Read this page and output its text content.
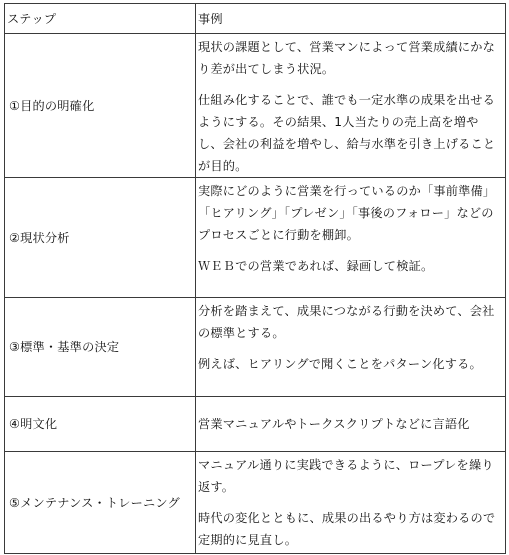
ステップ	事例

①目的の明確化	現状の課題として、営業マンによって営業成績にかなり差が出てしまう状況。
仕組み化することで、誰でも一定水準の成果を出せるようにする。その結果、1人当たりの売上高を増やし、会社の利益を増やし、給与水準を引き上げることが目的。

②現状分析	実際にどのように営業を行っているのか「事前準備」「ヒアリング」「プレゼン」「事後のフォロー」などのプロセスごとに行動を棚卸。
ＷＥＢでの営業であれば、録画して検証。

③標準・基準の決定	分析を踏まえて、成果につながる行動を決めて、会社の標準とする。
例えば、ヒアリングで聞くことをパターン化する。

④明文化	営業マニュアルやトークスクリプトなどに言語化

⑤メンテナンス・トレーニング	マニュアル通りに実践できるように、ロープレを繰り返す。
時代の変化とともに、成果の出るやり方は変わるので定期的に見直し。
